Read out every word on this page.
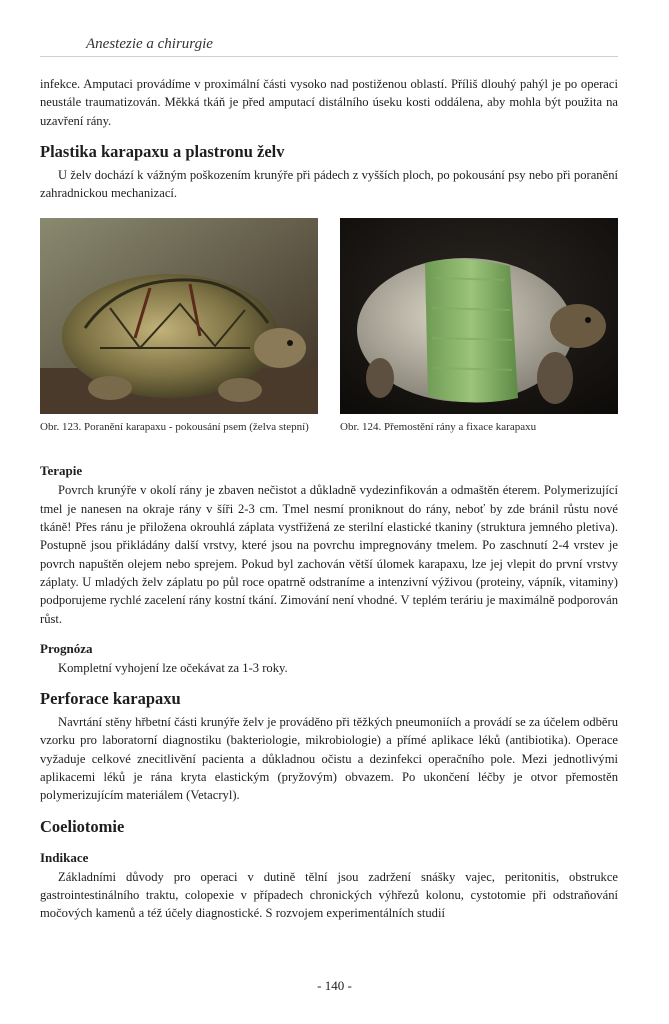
Anestezie a chirurgie

infekce. Amputaci provádíme v proximální části vysoko nad postiženou oblastí. Příliš dlouhý pahýl je po operaci neustále traumatizován. Měkká tkáň je před amputací distálního úseku kosti oddálena, aby mohla být použita na uzavření rány.

Plastika karapaxu a plastronu želv

U želv dochází k vážným poškozením krunýře při pádech z vyšších ploch, po pokousání psy nebo při poranění zahradnickou mechanizací.

Obr. 123. Poranění karapaxu - pokousání psem (želva stepní)	Obr. 124. Přemostění rány a fixace karapaxu
Terapie

Povrch krunýře v okolí rány je zbaven nečistot a důkladně vydezinfikován a odmaštěn éterem. Polymerizující tmel je nanesen na okraje rány v šíři 2-3 cm. Tmel nesmí proniknout do rány, neboť by zde bránil růstu nové tkáně! Přes ránu je přiložena okrouhlá záplata vystřižená ze sterilní elastické tkaniny (struktura jemného pletiva). Postupně jsou přikládány další vrstvy, které jsou na povrchu impregnovány tmelem. Po zaschnutí 2-4 vrstev je povrch napuštěn olejem nebo sprejem. Pokud byl zachován větší úlomek karapaxu, lze jej vlepit do první vrstvy záplaty. U mladých želv záplatu po půl roce opatrně odstraníme a intenzivní výživou (proteiny, vápník, vitaminy) podporujeme rychlé zacelení rány kostní tkání. Zimování není vhodné. V teplém teráriu je maximálně podporován růst.

Prognóza

Kompletní vyhojení lze očekávat za 1-3 roky.

Perforace karapaxu

Navrtání stěny hřbetní části krunýře želv je prováděno při těžkých pneumoniích a provádí se za účelem odběru vzorku pro laboratorní diagnostiku (bakteriologie, mikrobiologie) a přímé aplikace léků (antibiotika). Operace vyžaduje celkové znecitlivění pacienta a důkladnou očistu a dezinfekci operačního pole. Mezi jednotlivými aplikacemi léků je rána kryta elastickým (pryžovým) obvazem. Po ukončení léčby je otvor přemostěn polymerizujícím materiálem (Vetacryl).

Coeliotomie
Indikace

Základními důvody pro operaci v dutině tělní jsou zadržení snášky vajec, peritonitis, obstrukce gastrointestinálního traktu, colopexie v případech chronických výhřezů kolonu, cystotomie při odstraňování močových kamenů a též účely diagnostické. S rozvojem experimentálních studií

- 140 -
